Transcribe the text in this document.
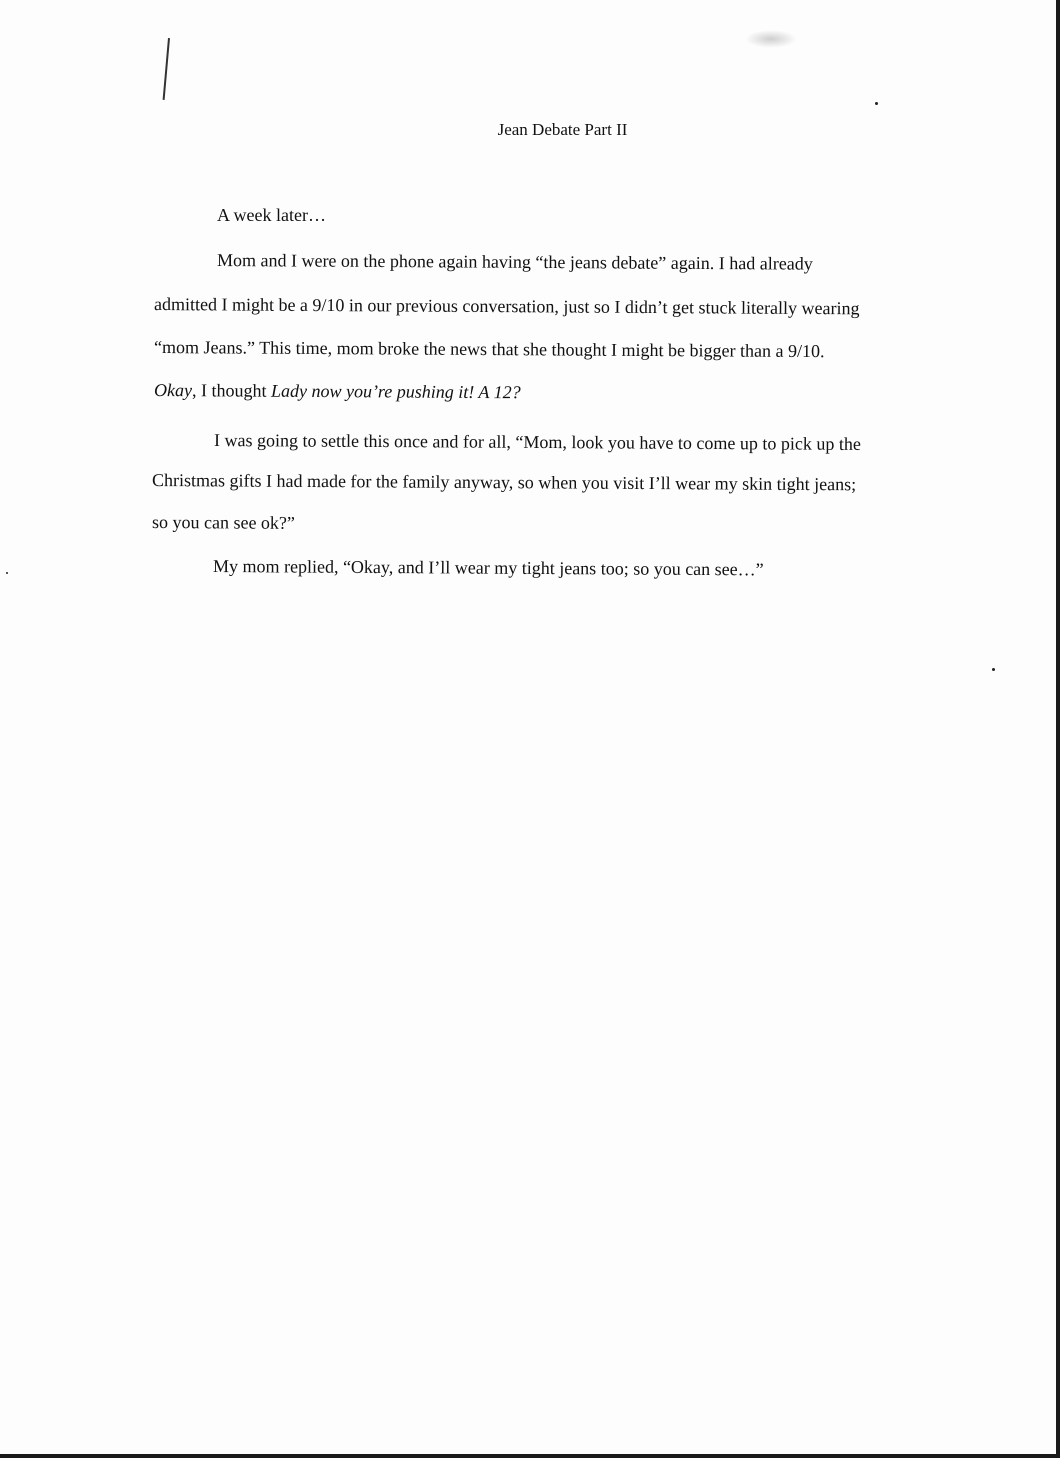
Jean Debate Part II
A week later…
Mom and I were on the phone again having “the jeans debate” again. I had already
admitted I might be a 9/10 in our previous conversation, just so I didn’t get stuck literally wearing
“mom Jeans.” This time, mom broke the news that she thought I might be bigger than a 9/10.
Okay, I thought Lady now you’re pushing it! A 12?
I was going to settle this once and for all, “Mom, look you have to come up to pick up the
Christmas gifts I had made for the family anyway, so when you visit I’ll wear my skin tight jeans;
so you can see ok?”
My mom replied, “Okay, and I’ll wear my tight jeans too; so you can see…”
